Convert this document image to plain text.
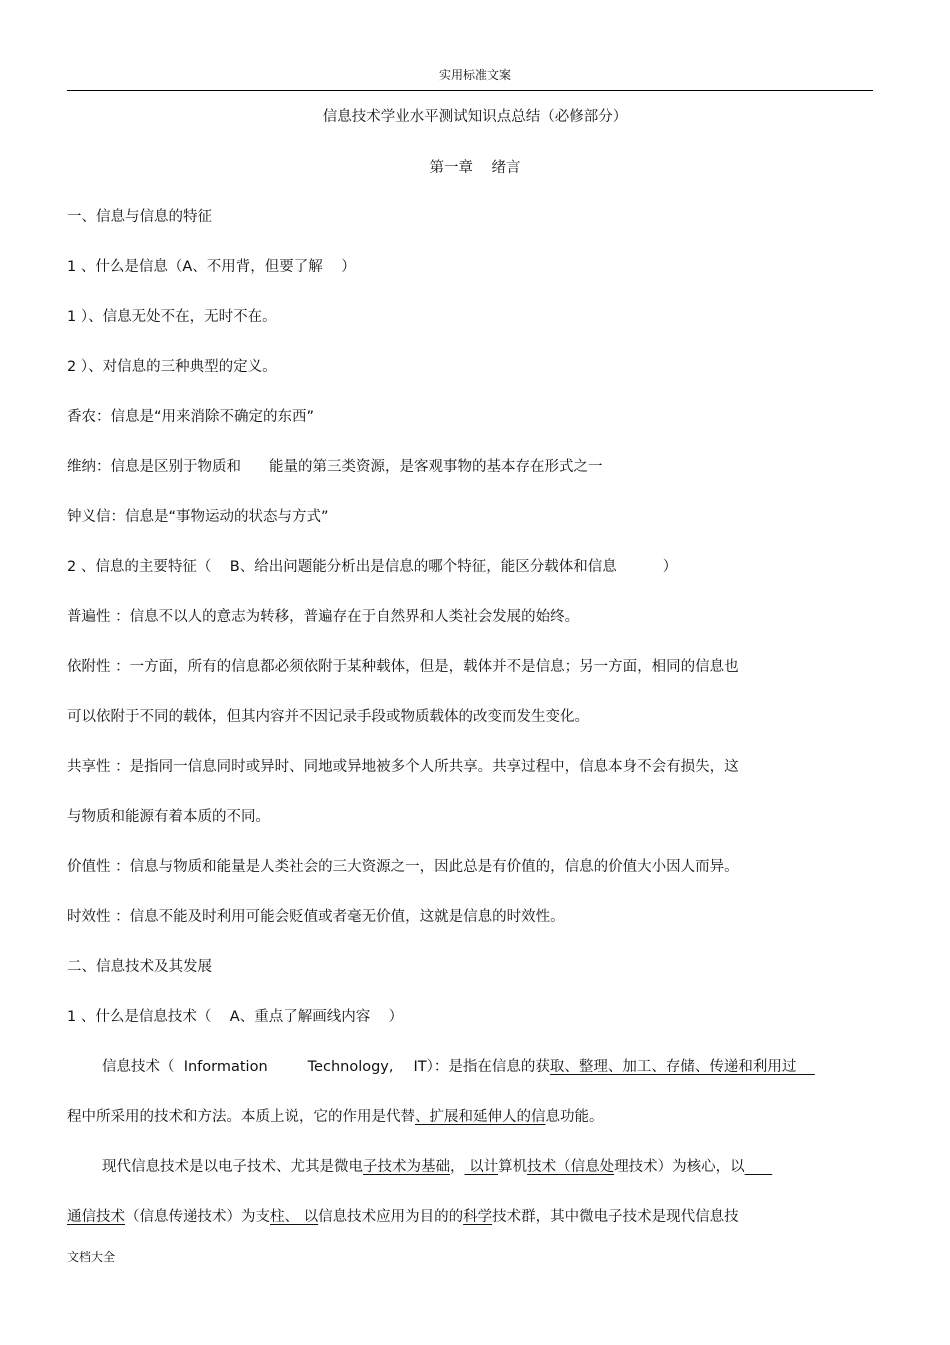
实用标准文案
信息技术学业水平测试知识点总结（必修部分）
第一章    绪言
一、信息与信息的特征
1 、什么是信息（A、不用背，但要了解    ）
1 ）、信息无处不在，无时不在。
2 ）、对信息的三种典型的定义。
香农：信息是“用来消除不确定的东西”
维纳：信息是区别于物质和 能量的第三类资源，是客观事物的基本存在形式之一
钟义信：信息是“事物运动的状态与方式”
2 、信息的主要特征（    B、给出问题能分析出是信息的哪个特征，能区分载体和信息	）
普遍性 ：信息不以人的意志为转移，普遍存在于自然界和人类社会发展的始终。
依附性 ：一方面，所有的信息都必须依附于某种载体，但是，载体并不是信息；另一方面，相同的信息也
可以依附于不同的载体，但其内容并不因记录手段或物质载体的改变而发生变化。
共享性 ：是指同一信息同时或异时、同地或异地被多个人所共享。共享过程中，信息本身不会有损失，这
与物质和能源有着本质的不同。
价值性 ：信息与物质和能量是人类社会的三大资源之一，因此总是有价值的，信息的价值大小因人而异。
时效性 ：信息不能及时利用可能会贬值或者毫无价值，这就是信息的时效性。
二、信息技术及其发展
1 、什么是信息技术（    A、重点了解画线内容    ）
信息技术（  Information	Technology, IT）：是指在信息的获取、整理、加工、存储、传递和利用过
程中所采用的技术和方法。本质上说，它的作用是代替、扩展和延伸人的信息功能。
现代信息技术是以电子技术、尤其是微电子技术为基础， 以计算机技术（信息处理技术）为核心，以
通信技术（信息传递技术）为支柱、 以信息技术应用为目的的科学技术群，其中微电子技术是现代信息技
文档大全
